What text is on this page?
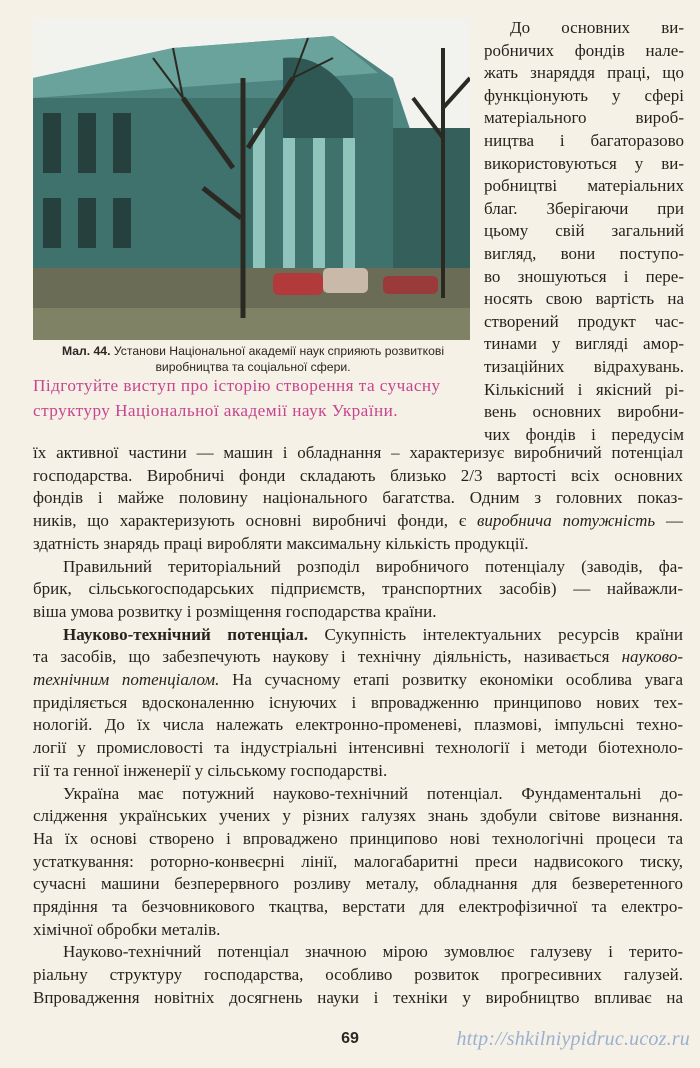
Мал. 44. Установи Національної академії наук сприяють розвиткові
виробництва та соціальної сфери.
Підготуйте виступ про історію створення та сучасну
структуру Національної академії наук України.
До основних ви-
робничих фондів нале-
жать знаряддя праці, що
функціонують у сфері
матеріального вироб-
ництва і багаторазово
використовуються у ви-
робництві матеріальних
благ. Зберігаючи при
цьому свій загальний
вигляд, вони поступо-
во зношуються і пере-
носять свою вартість на
створений продукт час-
тинами у вигляді амор-
тизаційних відрахувань.
Кількісний і якісний рі-
вень основних виробни-
чих фондів і передусім

їх активної частини — машин і обладнання – характеризує виробничий потенціал
господарства. Виробничі фонди складають близько 2/3 вартості всіх основних
фондів і майже половину національного багатства. Одним з головних показ-
ників, що характеризують основні виробничі фонди, є виробнича потужність —
здатність знарядь праці виробляти максимальну кількість продукції.

Правильний територіальний розподіл виробничого потенціалу (заводів, фа-
брик, сільськогосподарських підприємств, транспортних засобів) — найважли-
віша умова розвитку і розміщення господарства країни.

Науково-технічний потенціал. Сукупність інтелектуальних ресурсів країни
та засобів, що забезпечують наукову і технічну діяльність, називається науково-
технічним потенціалом. На сучасному етапі розвитку економіки особлива увага
приділяється вдосконаленню існуючих і впровадженню принципово нових тех-
нологій. До їх числа належать електронно-променеві, плазмові, імпульсні техно-
логії у промисловості та індустріальні інтенсивні технології і методи біотехноло-
гії та генної інженерії у сільському господарстві.

Україна має потужний науково-технічний потенціал. Фундаментальні до-
слідження українських учених у різних галузях знань здобули світове визнання.
На їх основі створено і впроваджено принципово нові технологічні процеси та
устаткування: роторно-конвеєрні лінії, малогабаритні преси надвисокого тиску,
сучасні машини безперервного розливу металу, обладнання для безверетенного
прядіння та безчовникового ткацтва, верстати для електрофізичної та електро-
хімічної обробки металів.

Науково-технічний потенціал значною мірою зумовлює галузеву і терито-
ріальну структуру господарства, особливо розвиток прогресивних галузей.
Впровадження новітніх досягнень науки і техніки у виробництво впливає на

69	http://shkilniypidruc.ucoz.ru
